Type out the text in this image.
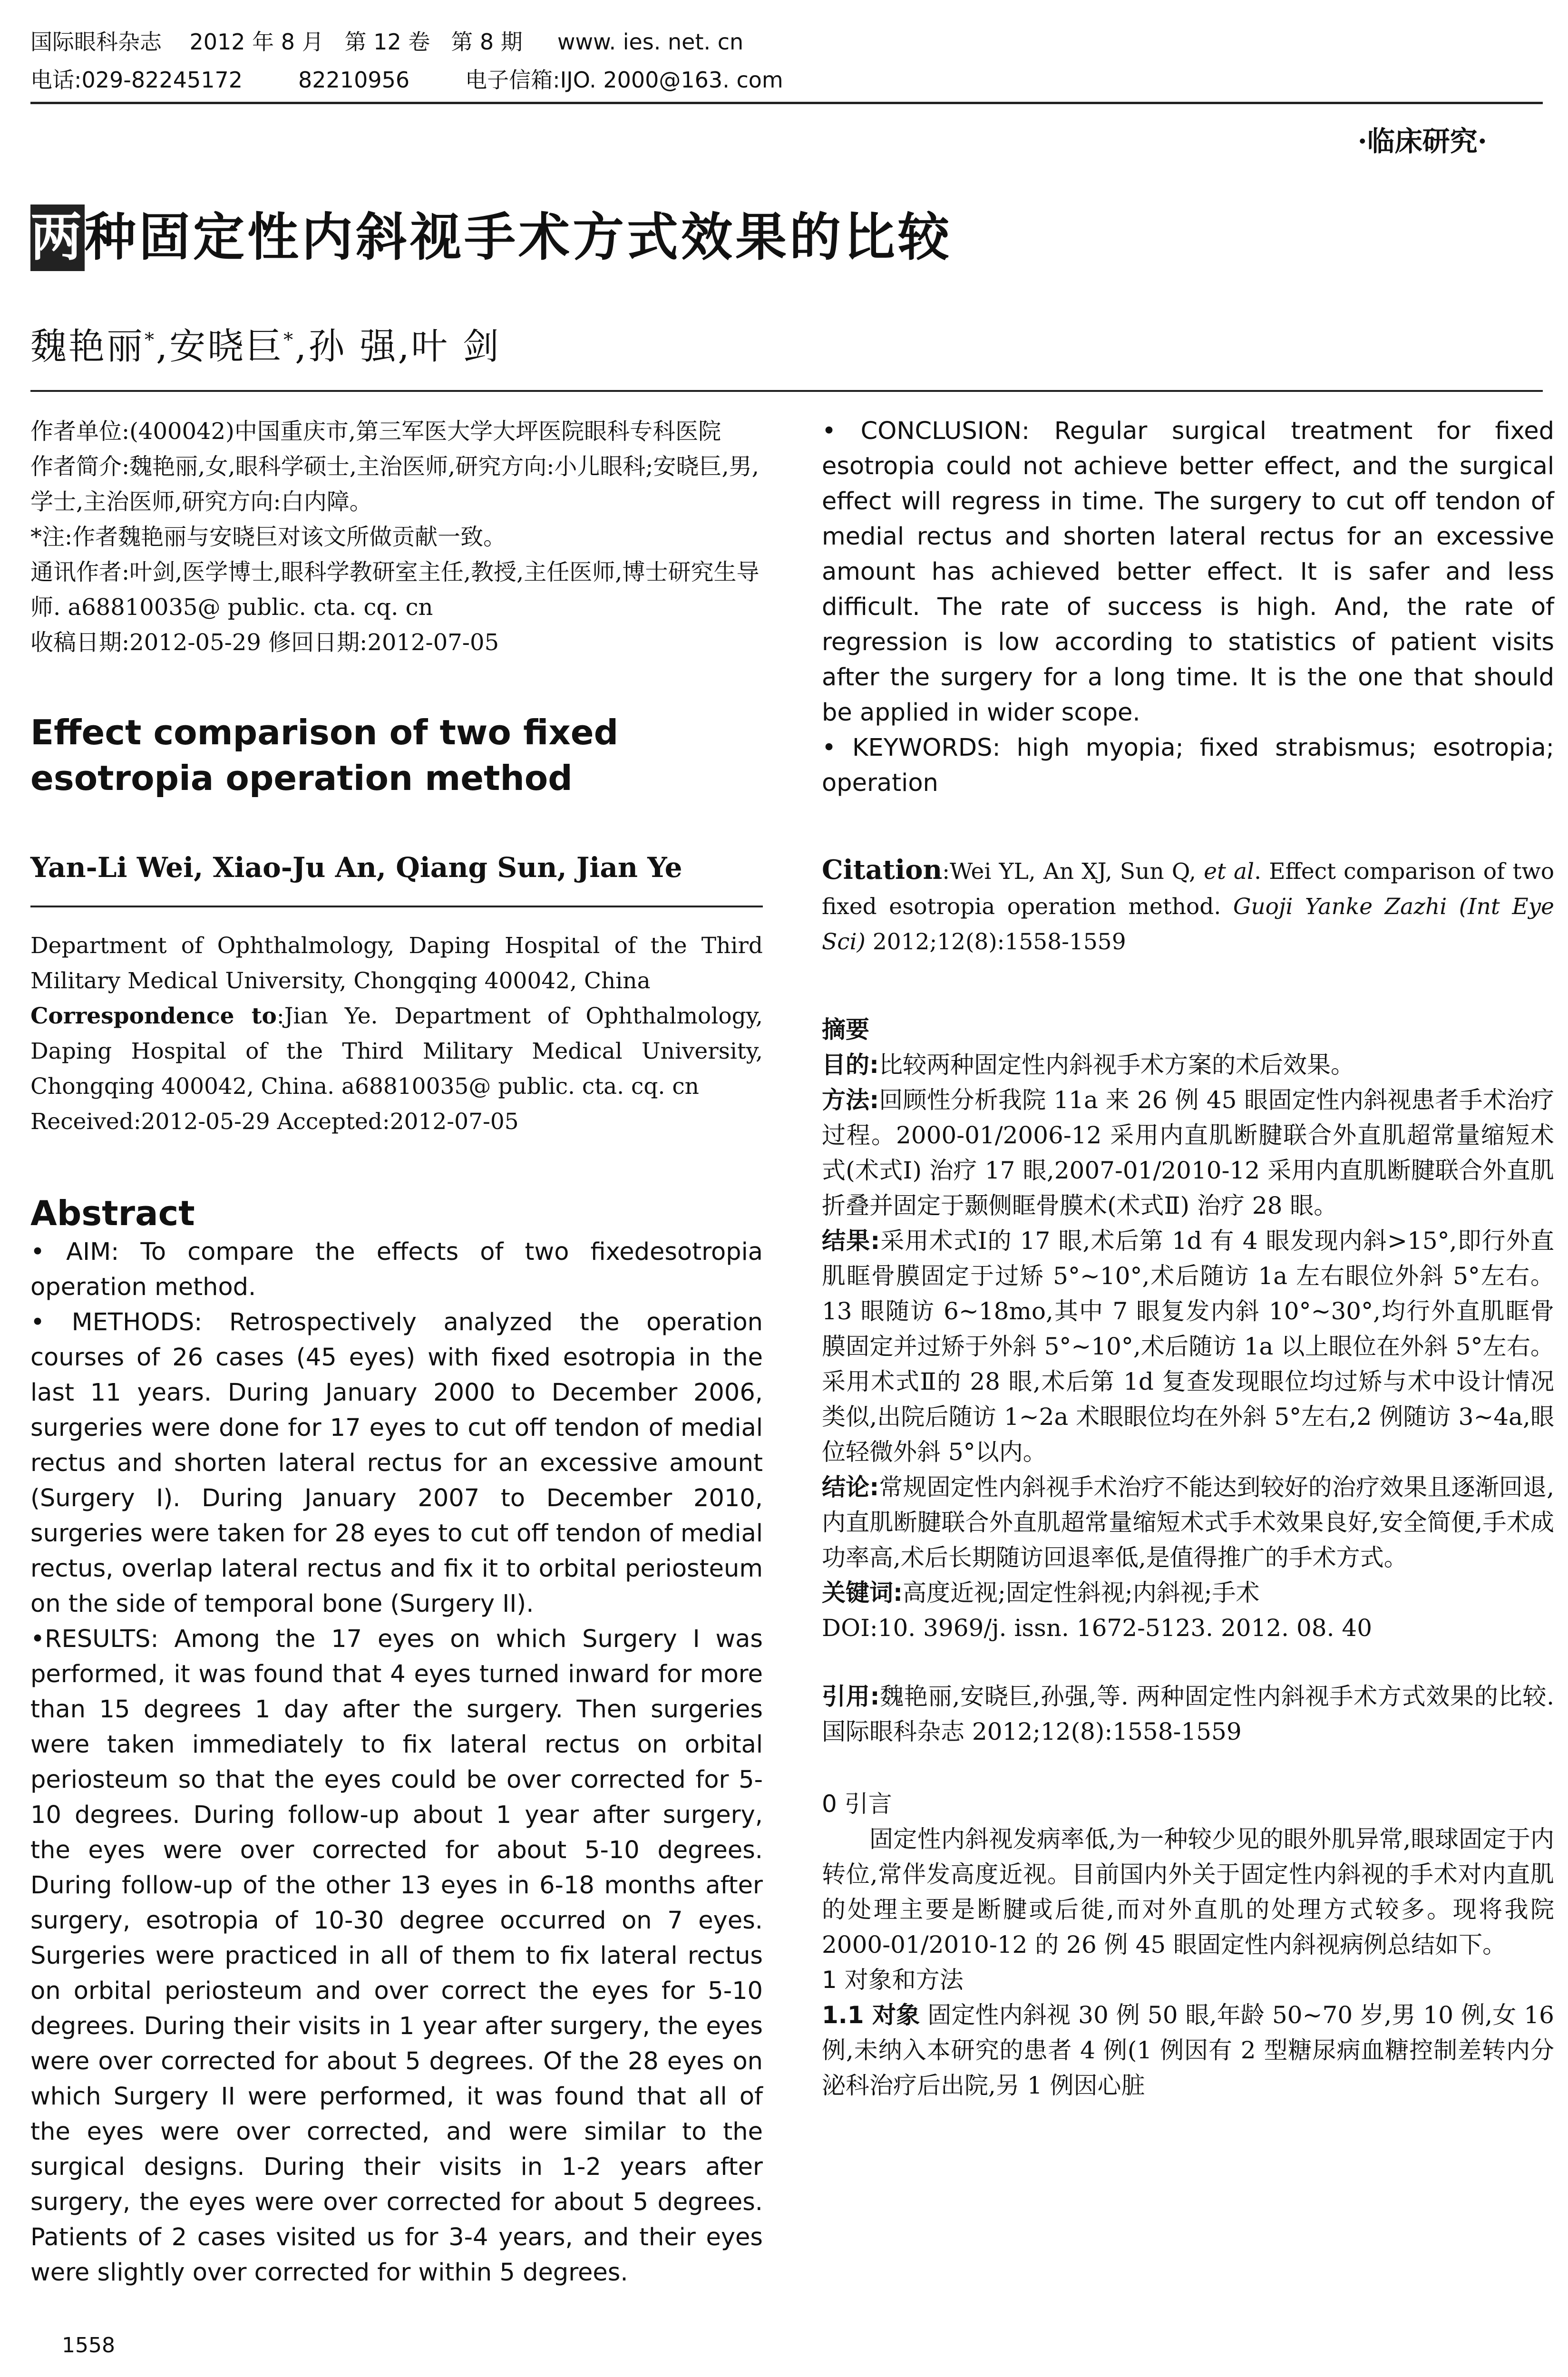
国际眼科杂志    2012 年 8 月   第 12 卷   第 8 期     www. ies. net. cn
电话:029-82245172        82210956        电子信箱:IJO. 2000@163. com
·临床研究·
两种固定性内斜视手术方式效果的比较
魏艳丽*,安晓巨*,孙 强,叶 剑

作者单位:(400042)中国重庆市,第三军医大学大坪医院眼科专科医院

作者简介:魏艳丽,女,眼科学硕士,主治医师,研究方向:小儿眼科;安晓巨,男,学士,主治医师,研究方向:白内障。

*注:作者魏艳丽与安晓巨对该文所做贡献一致。

通讯作者:叶剑,医学博士,眼科学教研室主任,教授,主任医师,博士研究生导师. a68810035@ public. cta. cq. cn

收稿日期:2012-05-29 修回日期:2012-07-05

Effect comparison of two fixed esotropia operation method
Yan-Li Wei, Xiao-Ju An, Qiang Sun, Jian Ye

Department of Ophthalmology, Daping Hospital of the Third Military Medical University, Chongqing 400042, China

Correspondence to:Jian Ye. Department of Ophthalmology, Daping Hospital of the Third Military Medical University, Chongqing 400042, China. a68810035@ public. cta. cq. cn

Received:2012-05-29 Accepted:2012-07-05

Abstract

• AIM: To compare the effects of two fixedesotropia operation method.

• METHODS: Retrospectively analyzed the operation courses of 26 cases (45 eyes) with fixed esotropia in the last 11 years. During January 2000 to December 2006, surgeries were done for 17 eyes to cut off tendon of medial rectus and shorten lateral rectus for an excessive amount (Surgery I). During January 2007 to December 2010, surgeries were taken for 28 eyes to cut off tendon of medial rectus, overlap lateral rectus and fix it to orbital periosteum on the side of temporal bone (Surgery II).

•RESULTS: Among the 17 eyes on which Surgery I was performed, it was found that 4 eyes turned inward for more than 15 degrees 1 day after the surgery. Then surgeries were taken immediately to fix lateral rectus on orbital periosteum so that the eyes could be over corrected for 5-10 degrees. During follow-up about 1 year after surgery, the eyes were over corrected for about 5-10 degrees. During follow-up of the other 13 eyes in 6-18 months after surgery, esotropia of 10-30 degree occurred on 7 eyes. Surgeries were practiced in all of them to fix lateral rectus on orbital periosteum and over correct the eyes for 5-10 degrees. During their visits in 1 year after surgery, the eyes were over corrected for about 5 degrees. Of the 28 eyes on which Surgery II were performed, it was found that all of the eyes were over corrected, and were similar to the surgical designs. During their visits in 1-2 years after surgery, the eyes were over corrected for about 5 degrees. Patients of 2 cases visited us for 3-4 years, and their eyes were slightly over corrected for within 5 degrees.

• CONCLUSION: Regular surgical treatment for fixed esotropia could not achieve better effect, and the surgical effect will regress in time. The surgery to cut off tendon of medial rectus and shorten lateral rectus for an excessive amount has achieved better effect. It is safer and less difficult. The rate of success is high. And, the rate of regression is low according to statistics of patient visits after the surgery for a long time. It is the one that should be applied in wider scope.

• KEYWORDS: high myopia; fixed strabismus; esotropia; operation

Citation:Wei YL, An XJ, Sun Q, et al. Effect comparison of two fixed esotropia operation method. Guoji Yanke Zazhi (Int Eye Sci) 2012;12(8):1558-1559

摘要

目的:比较两种固定性内斜视手术方案的术后效果。

方法:回顾性分析我院 11a 来 26 例 45 眼固定性内斜视患者手术治疗过程。2000-01/2006-12 采用内直肌断腱联合外直肌超常量缩短术式(术式Ⅰ) 治疗 17 眼,2007-01/2010-12 采用内直肌断腱联合外直肌折叠并固定于颞侧眶骨膜术(术式Ⅱ) 治疗 28 眼。

结果:采用术式Ⅰ的 17 眼,术后第 1d 有 4 眼发现内斜>15°,即行外直肌眶骨膜固定于过矫 5°~10°,术后随访 1a 左右眼位外斜 5°左右。13 眼随访 6~18mo,其中 7 眼复发内斜 10°~30°,均行外直肌眶骨膜固定并过矫于外斜 5°~10°,术后随访 1a 以上眼位在外斜 5°左右。采用术式Ⅱ的 28 眼,术后第 1d 复查发现眼位均过矫与术中设计情况类似,出院后随访 1~2a 术眼眼位均在外斜 5°左右,2 例随访 3~4a,眼位轻微外斜 5°以内。

结论:常规固定性内斜视手术治疗不能达到较好的治疗效果且逐渐回退,内直肌断腱联合外直肌超常量缩短术式手术效果良好,安全简便,手术成功率高,术后长期随访回退率低,是值得推广的手术方式。

关键词:高度近视;固定性斜视;内斜视;手术

DOI:10. 3969/j. issn. 1672-5123. 2012. 08. 40

引用:魏艳丽,安晓巨,孙强,等. 两种固定性内斜视手术方式效果的比较. 国际眼科杂志 2012;12(8):1558-1559

0 引言

固定性内斜视发病率低,为一种较少见的眼外肌异常,眼球固定于内转位,常伴发高度近视。目前国内外关于固定性内斜视的手术对内直肌的处理主要是断腱或后徙,而对外直肌的处理方式较多。现将我院 2000-01/2010-12 的 26 例 45 眼固定性内斜视病例总结如下。

1 对象和方法

1.1 对象 固定性内斜视 30 例 50 眼,年龄 50~70 岁,男 10 例,女 16 例,未纳入本研究的患者 4 例(1 例因有 2 型糖尿病血糖控制差转内分泌科治疗后出院,另 1 例因心脏

1558
